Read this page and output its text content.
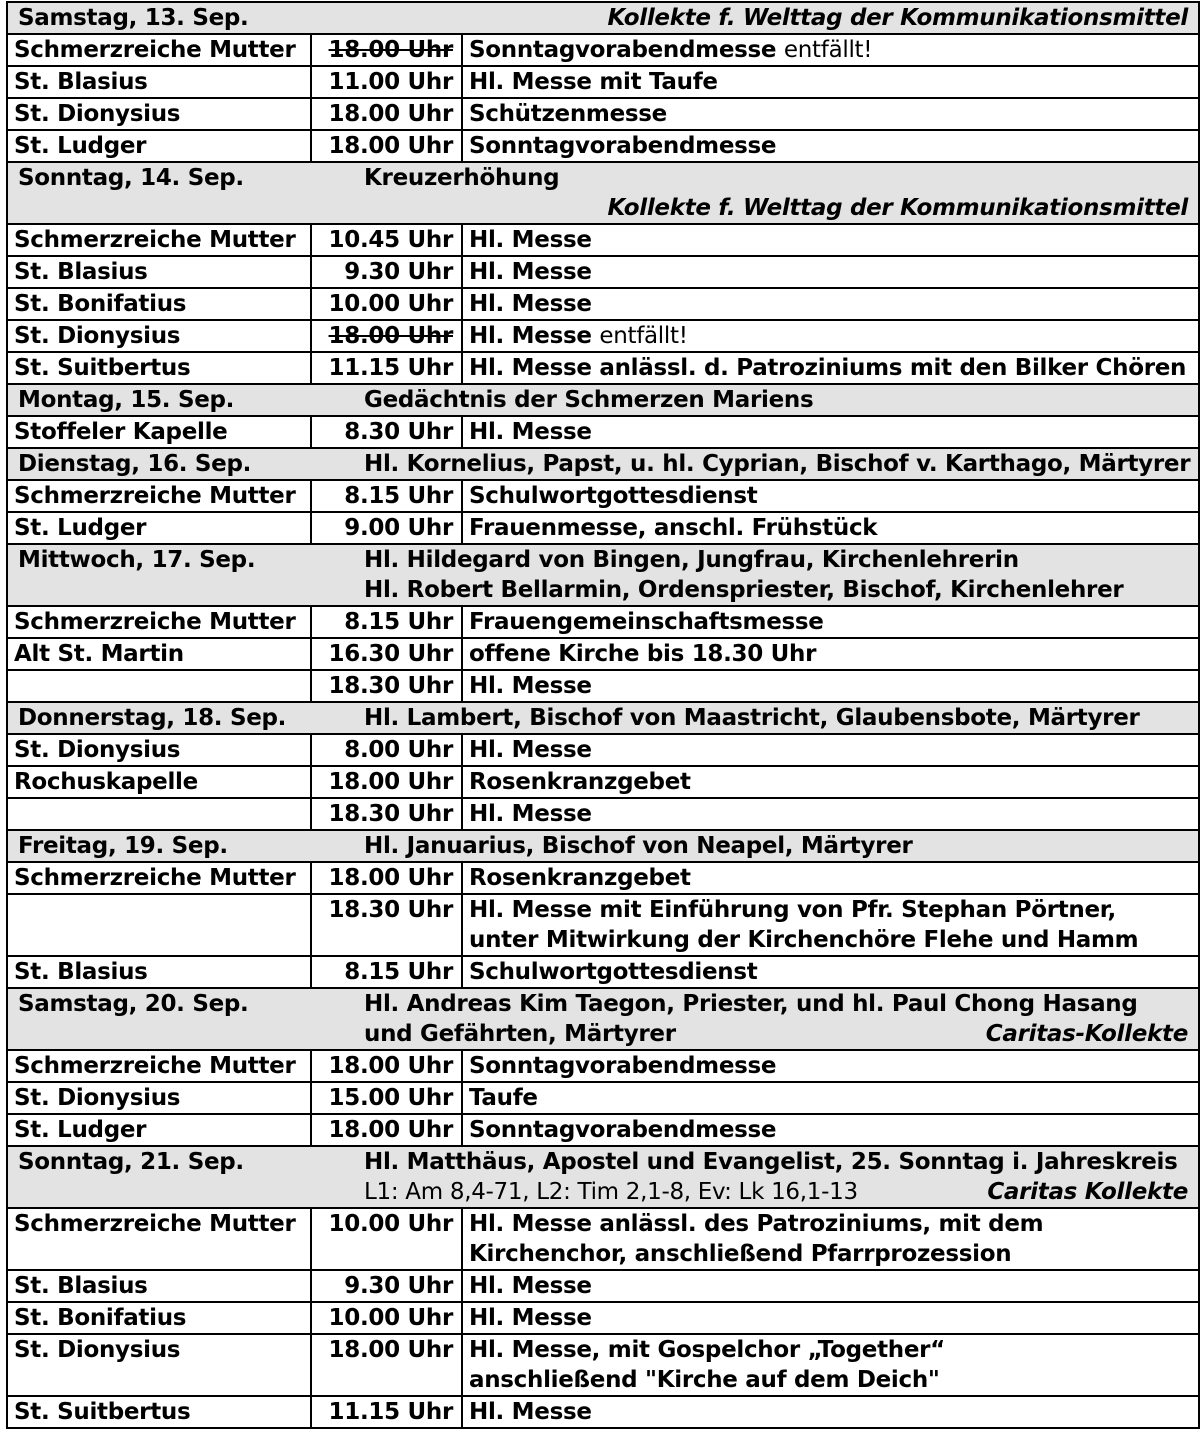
Samstag, 13. Sep. Kollekte f. Welttag der Kommunikationsmittel		

Schmerzreiche Mutter	18.00 Uhr	Sonntagvorabendmesse entfällt!
St. Blasius	11.00 Uhr	Hl. Messe mit Taufe

St. Dionysius	18.00 Uhr	Schützenmesse

St. Ludger	18.00 Uhr	Sonntagvorabendmesse

Sonntag, 14. Sep. Kreuzerhöhung
Kollekte f. Welttag der Kommunikationsmittel		

Schmerzreiche Mutter	10.45 Uhr	Hl. Messe

St. Blasius	9.30 Uhr	Hl. Messe

St. Bonifatius	10.00 Uhr	Hl. Messe

St. Dionysius	18.00 Uhr	Hl. Messe entfällt!
St. Suitbertus	11.15 Uhr	Hl. Messe anlässl. d. Patroziniums mit den Bilker Chören

Montag, 15. Sep. Gedächtnis der Schmerzen Mariens		

Stoffeler Kapelle	8.30 Uhr	Hl. Messe

Dienstag, 16. Sep. Hl. Kornelius, Papst, u. hl. Cyprian, Bischof v. Karthago, Märtyrer		

Schmerzreiche Mutter	8.15 Uhr	Schulwortgottesdienst

St. Ludger	9.00 Uhr	Frauenmesse, anschl. Frühstück

Mittwoch, 17. Sep. Hl. Hildegard von Bingen, Jungfrau, Kirchenlehrerin
Hl. Robert Bellarmin, Ordenspriester, Bischof, Kirchenlehrer		

Schmerzreiche Mutter	8.15 Uhr	Frauengemeinschaftsmesse

Alt St. Martin	16.30 Uhr	offene Kirche bis 18.30 Uhr

	18.30 Uhr	Hl. Messe

Donnerstag, 18. Sep. Hl. Lambert, Bischof von Maastricht, Glaubensbote, Märtyrer		

St. Dionysius	8.00 Uhr	Hl. Messe

Rochuskapelle	18.00 Uhr	Rosenkranzgebet

	18.30 Uhr	Hl. Messe

Freitag, 19. Sep. Hl. Januarius, Bischof von Neapel, Märtyrer		

Schmerzreiche Mutter	18.00 Uhr	Rosenkranzgebet

	18.30 Uhr	Hl. Messe mit Einführung von Pfr. Stephan Pörtner,
unter Mitwirkung der Kirchenchöre Flehe und Hamm

St. Blasius	8.15 Uhr	Schulwortgottesdienst

Samstag, 20. Sep. Hl. Andreas Kim Taegon, Priester, und hl. Paul Chong Hasang
und Gefährten, Märtyrer Caritas-Kollekte		

Schmerzreiche Mutter	18.00 Uhr	Sonntagvorabendmesse

St. Dionysius	15.00 Uhr	Taufe

St. Ludger	18.00 Uhr	Sonntagvorabendmesse

Sonntag, 21. Sep. Hl. Matthäus, Apostel und Evangelist, 25. Sonntag i. Jahreskreis
L1: Am 8,4-71, L2: Tim 2,1-8, Ev: Lk 16,1-13 Caritas Kollekte		

Schmerzreiche Mutter	10.00 Uhr	Hl. Messe anlässl. des Patroziniums, mit dem
Kirchenchor, anschließend Pfarrprozession

St. Blasius	9.30 Uhr	Hl. Messe

St. Bonifatius	10.00 Uhr	Hl. Messe

St. Dionysius	18.00 Uhr	Hl. Messe, mit Gospelchor „Together“
anschließend "Kirche auf dem Deich"

St. Suitbertus	11.15 Uhr	Hl. Messe
